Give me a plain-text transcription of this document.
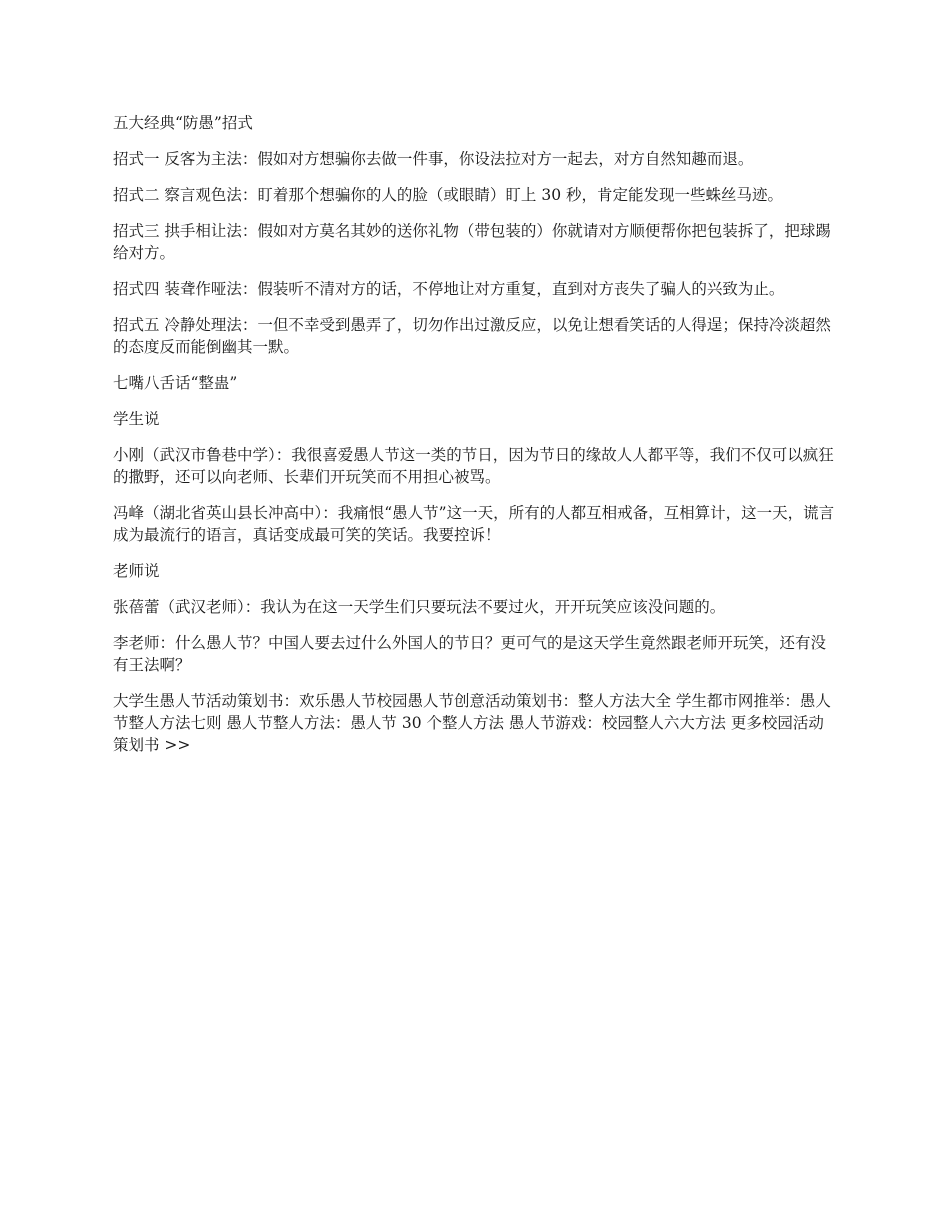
五大经典“防愚”招式

招式一 反客为主法：假如对方想骗你去做一件事，你设法拉对方一起去，对方自然知趣而退。

招式二 察言观色法：盯着那个想骗你的人的脸（或眼睛）盯上 30 秒，肯定能发现一些蛛丝马迹。

招式三 拱手相让法：假如对方莫名其妙的送你礼物（带包装的）你就请对方顺便帮你把包装拆了，把球踢给对方。

招式四 装聋作哑法：假装听不清对方的话，不停地让对方重复，直到对方丧失了骗人的兴致为止。

招式五 冷静处理法：一但不幸受到愚弄了，切勿作出过激反应，以免让想看笑话的人得逞；保持冷淡超然的态度反而能倒幽其一默。

七嘴八舌话“整蛊”

学生说

小刚（武汉市鲁巷中学）：我很喜爱愚人节这一类的节日，因为节日的缘故人人都平等，我们不仅可以疯狂的撒野，还可以向老师、长辈们开玩笑而不用担心被骂。

冯峰（湖北省英山县长冲高中）：我痛恨“愚人节”这一天，所有的人都互相戒备，互相算计，这一天，谎言成为最流行的语言，真话变成最可笑的笑话。我要控诉！

老师说

张蓓蕾（武汉老师）：我认为在这一天学生们只要玩法不要过火，开开玩笑应该没问题的。

李老师：什么愚人节？中国人要去过什么外国人的节日？更可气的是这天学生竟然跟老师开玩笑，还有没有王法啊？

大学生愚人节活动策划书：欢乐愚人节校园愚人节创意活动策划书：整人方法大全 学生都市网推举：愚人节整人方法七则 愚人节整人方法：愚人节 30 个整人方法 愚人节游戏：校园整人六大方法 更多校园活动策划书 >>
